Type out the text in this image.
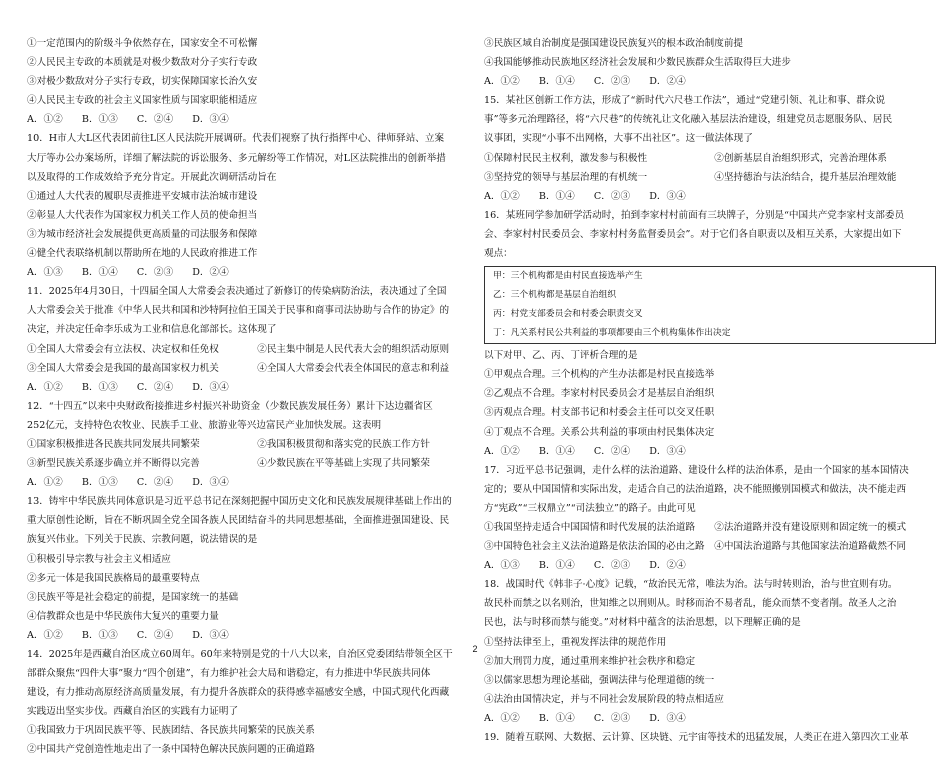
①一定范围内的阶级斗争依然存在，国家安全不可松懈
②人民民主专政的本质就是对极少数敌对分子实行专政
③对极少数敌对分子实行专政，切实保障国家长治久安
④人民民主专政的社会主义国家性质与国家职能相适应
A．①②　　B．①③　　C．②④　　D．③④
10．H市人大L区代表团前往L区人民法院开展调研。代表们视察了执行指挥中心、律师驿站、立案
大厅等办公办案场所，详细了解法院的诉讼服务、多元解纷等工作情况，对L区法院推出的创新举措
以及取得的工作成效给予充分肯定。开展此次调研活动旨在
①通过人大代表的履职尽责推进平安城市法治城市建设
②彰显人大代表作为国家权力机关工作人员的使命担当
③为城市经济社会发展提供更高质量的司法服务和保障
④健全代表联络机制以帮助所在地的人民政府推进工作
A．①③　　B．①④　　C．②③　　D．②④
11．2025年4月30日，十四届全国人大常委会表决通过了新修订的传染病防治法，表决通过了全国
人大常委会关于批准《中华人民共和国和沙特阿拉伯王国关于民事和商事司法协助与合作的协定》的
决定，并决定任命李乐成为工业和信息化部部长。这体现了
①全国人大常委会有立法权、决定权和任免权　　　　②民主集中制是人民代表大会的组织活动原则
③全国人大常委会是我国的最高国家权力机关　　　　④全国人大常委会代表全体国民的意志和利益
A．①②　　B．①③　　C．②④　　D．③④
12．“十四五”以来中央财政衔接推进乡村振兴补助资金（少数民族发展任务）累计下达边疆省区
252亿元，支持特色农牧业、民族手工业、旅游业等兴边富民产业加快发展。这表明
①国家积极推进各民族共同发展共同繁荣　　　　　　②我国积极贯彻和落实党的民族工作方针
③新型民族关系逐步确立并不断得以完善　　　　　　④少数民族在平等基础上实现了共同繁荣
A．①②　　B．①③　　C．②④　　D．③④
13．铸牢中华民族共同体意识是习近平总书记在深刻把握中国历史文化和民族发展规律基础上作出的
重大原创性论断，旨在不断巩固全党全国各族人民团结奋斗的共同思想基础，全面推进强国建设、民
族复兴伟业。下列关于民族、宗教问题，说法错误的是
①积极引导宗教与社会主义相适应
②多元一体是我国民族格局的最重要特点
③民族平等是社会稳定的前提，是国家统一的基础
④信教群众也是中华民族伟大复兴的重要力量
A．①②　　B．①③　　C．②④　　D．③④
14．2025年是西藏自治区成立60周年。60年来特别是党的十八大以来，自治区党委团结带领全区干
部群众聚焦“四件大事”聚力“四个创建”，有力维护社会大局和谐稳定，有力推进中华民族共同体
建设，有力推动高原经济高质量发展，有力提升各族群众的获得感幸福感安全感，中国式现代化西藏
实践迈出坚实步伐。西藏自治区的实践有力证明了
①我国致力于巩固民族平等、民族团结、各民族共同繁荣的民族关系
②中国共产党创造性地走出了一条中国特色解决民族问题的正确道路
③民族区域自治制度是强国建设民族复兴的根本政治制度前提
④我国能够推动民族地区经济社会发展和少数民族群众生活取得巨大进步
A．①②　　B．①④　　C．②③　　D．②④
15．某社区创新工作方法，形成了“新时代六尺巷工作法”，通过“党建引领、礼让和事、群众说
事”等多元治理路径，将“六尺巷”的传统礼让文化融入基层法治建设，组建党员志愿服务队、居民
议事团，实现“小事不出网格，大事不出社区”。这一做法体现了
①保障村民民主权利，激发参与积极性　　　　　　　②创新基层自治组织形式，完善治理体系
③坚持党的领导与基层治理的有机统一　　　　　　　④坚持德治与法治结合，提升基层治理效能
A．①②　　B．①④　　C．②③　　D．③④
16．某班同学参加研学活动时，拍到李家村村前面有三块牌子，分别是“中国共产党李家村支部委员
会、李家村村民委员会、李家村村务监督委员会”。对于它们各自职责以及相互关系，大家提出如下
观点：
甲：三个机构都是由村民直接选举产生
乙：三个机构都是基层自治组织
丙：村党支部委员会和村委会职责交叉
丁：凡关系村民公共利益的事项都要由三个机构集体作出决定
以下对甲、乙、丙、丁评析合理的是
①甲观点合理。三个机构的产生办法都是村民直接选举
②乙观点不合理。李家村村民委员会才是基层自治组织
③丙观点合理。村支部书记和村委会主任可以交叉任职
④丁观点不合理。关系公共利益的事项由村民集体决定
A．①②　　B．①④　　C．②④　　D．③④
17．习近平总书记强调，走什么样的法治道路、建设什么样的法治体系，是由一个国家的基本国情决
定的；要从中国国情和实际出发，走适合自己的法治道路，决不能照搬别国模式和做法，决不能走西
方“宪政”“三权鼎立”“司法独立”的路子。由此可见
①我国坚持走适合中国国情和时代发展的法治道路　　②法治道路并没有建设原则和固定统一的模式
③中国特色社会主义法治道路是依法治国的必由之路　④中国法治道路与其他国家法治道路截然不同
A．①③　　B．①④　　C．②③　　D．②④
18．战国时代《韩非子·心度》记载，“故治民无常，唯法为治。法与时转则治，治与世宜则有功。
故民朴而禁之以名则治，世知维之以刑则从。时移而治不易者乱，能众而禁不变者削。故圣人之治
民也，法与时移而禁与能变。”对材料中蕴含的法治思想，以下理解正确的是
①坚持法律至上，重视发挥法律的规范作用
②加大刑罚力度，通过重刑来维护社会秩序和稳定
③以儒家思想为理论基础，强调法律与伦理道德的统一
④法治由国情决定，并与不同社会发展阶段的特点相适应
A．①②　　B．①④　　C．②③　　D．③④
19．随着互联网、大数据、云计算、区块链、元宇宙等技术的迅猛发展，人类正在进入第四次工业革
2
